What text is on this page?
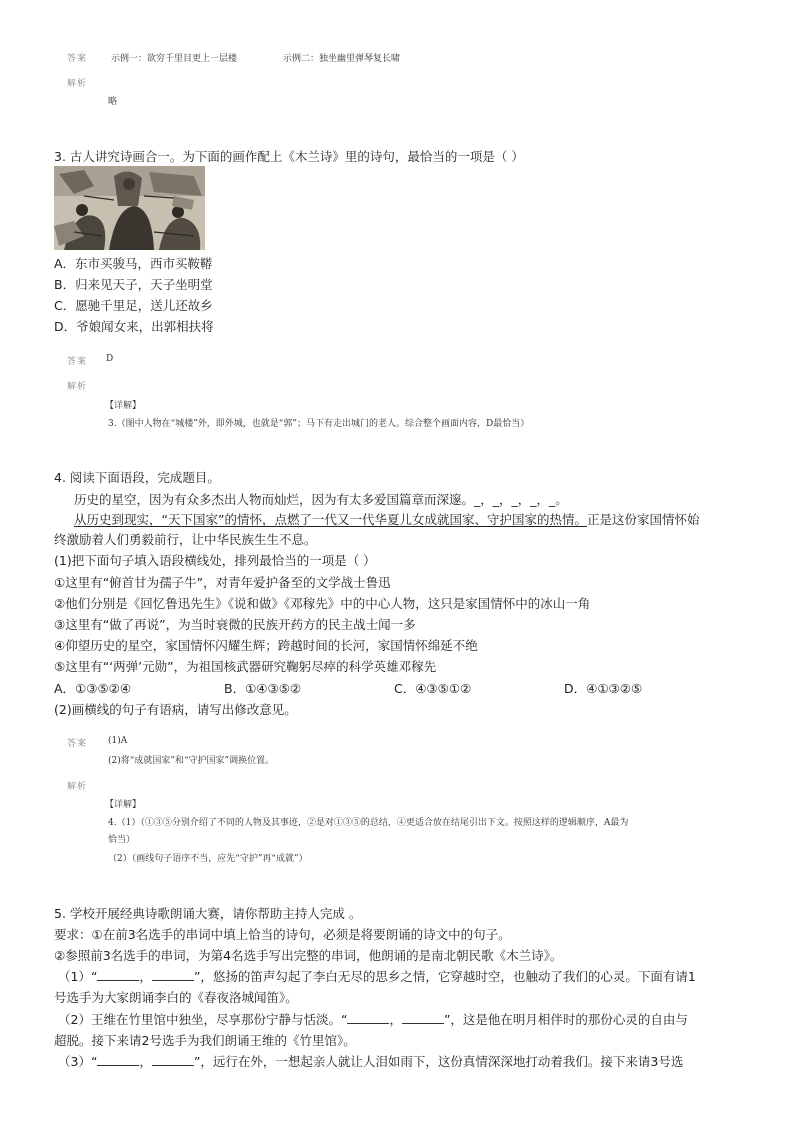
答案	示例一：欲穷千里目更上一层楼	示例二：独坐幽里弹琴复长啸
解析
略
3. 古人讲究诗画合一。为下面的画作配上《木兰诗》里的诗句，最恰当的一项是（ ）
A．东市买骏马，西市买鞍鞯
B．归来见天子，天子坐明堂
C．愿驰千里足，送儿还故乡
D．爷娘闻女来，出郭相扶将
答案 D
解析
【详解】
3.（图中人物在“城楼”外，即外城，也就是“郭”；马下有走出城门的老人。综合整个画面内容，D最恰当）
4. 阅读下面语段，完成题目。
历史的星空，因为有众多杰出人物而灿烂，因为有太多爱国篇章而深邃。_，_，_，_，_。
从历史到现实，“天下国家”的情怀，点燃了一代又一代华夏儿女成就国家、守护国家的热情。正是这份家国情怀始
终激励着人们勇毅前行，让中华民族生生不息。
(1)把下面句子填入语段横线处，排列最恰当的一项是（ ）
①这里有“俯首甘为孺子牛”，对青年爱护备至的文学战士鲁迅
②他们分别是《回忆鲁迅先生》《说和做》《邓稼先》中的中心人物，这只是家国情怀中的冰山一角
③这里有“做了再说”，为当时衰微的民族开药方的民主战士闻一多
④仰望历史的星空，家国情怀闪耀生辉；跨越时间的长河，家国情怀绵延不绝
⑤这里有“‘两弹’元勋”，为祖国核武器研究鞠躬尽瘁的科学英雄邓稼先
A．①③⑤②④	B．①④③⑤②	C．④③⑤①②	D．④①③②⑤
(2)画横线的句子有语病，请写出修改意见。
答案 (1)A
(2)将“成就国家”和“守护国家”调换位置。
解析
【详解】
4.（1）（①③⑤分别介绍了不同的人物及其事迹，②是对①③⑤的总结，④更适合放在结尾引出下文。按照这样的逻辑顺序，A最为
恰当）
（2）（画线句子语序不当，应先“守护”再“成就”）
5. 学校开展经典诗歌朗诵大赛，请你帮助主持人完成 。
要求：①在前3名选手的串词中填上恰当的诗句，必须是将要朗诵的诗文中的句子。
②参照前3名选手的串词，为第4名选手写出完整的串词，他朗诵的是南北朝民歌《木兰诗》。
（1）“	，	”，悠扬的笛声勾起了李白无尽的思乡之情，它穿越时空，也触动了我们的心灵。下面有请1
号选手为大家朗诵李白的《春夜洛城闻笛》。
（2）王维在竹里馆中独坐，尽享那份宁静与恬淡。“	，	”，这是他在明月相伴时的那份心灵的自由与
超脱。接下来请2号选手为我们朗诵王维的《竹里馆》。
（3）“	，	”，远行在外，一想起亲人就让人泪如雨下，这份真情深深地打动着我们。接下来请3号选
